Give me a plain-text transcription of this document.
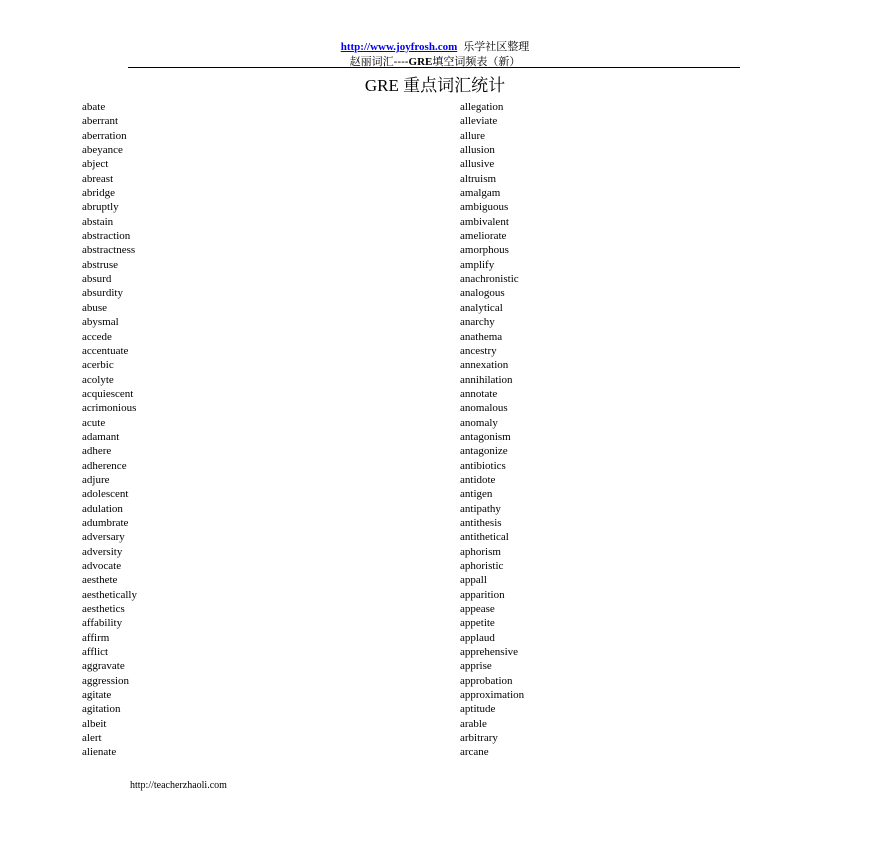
http://www.joyfrosh.com 乐学社区整理
赵丽词汇----GRE填空词频表（新）
GRE 重点词汇统计
abate
aberrant
aberration
abeyance
abject
abreast
abridge
abruptly
abstain
abstraction
abstractness
abstruse
absurd
absurdity
abuse
abysmal
accede
accentuate
acerbic
acolyte
acquiescent
acrimonious
acute
adamant
adhere
adherence
adjure
adolescent
adulation
adumbrate
adversary
adversity
advocate
aesthete
aesthetically
aesthetics
affability
affirm
afflict
aggravate
aggression
agitate
agitation
albeit
alert
alienate
allegation
alleviate
allure
allusion
allusive
altruism
amalgam
ambiguous
ambivalent
ameliorate
amorphous
amplify
anachronistic
analogous
analytical
anarchy
anathema
ancestry
annexation
annihilation
annotate
anomalous
anomaly
antagonism
antagonize
antibiotics
antidote
antigen
antipathy
antithesis
antithetical
aphorism
aphoristic
appall
apparition
appease
appetite
applaud
apprehensive
apprise
approbation
approximation
aptitude
arable
arbitrary
arcane
http://teacherzhaoli.com
